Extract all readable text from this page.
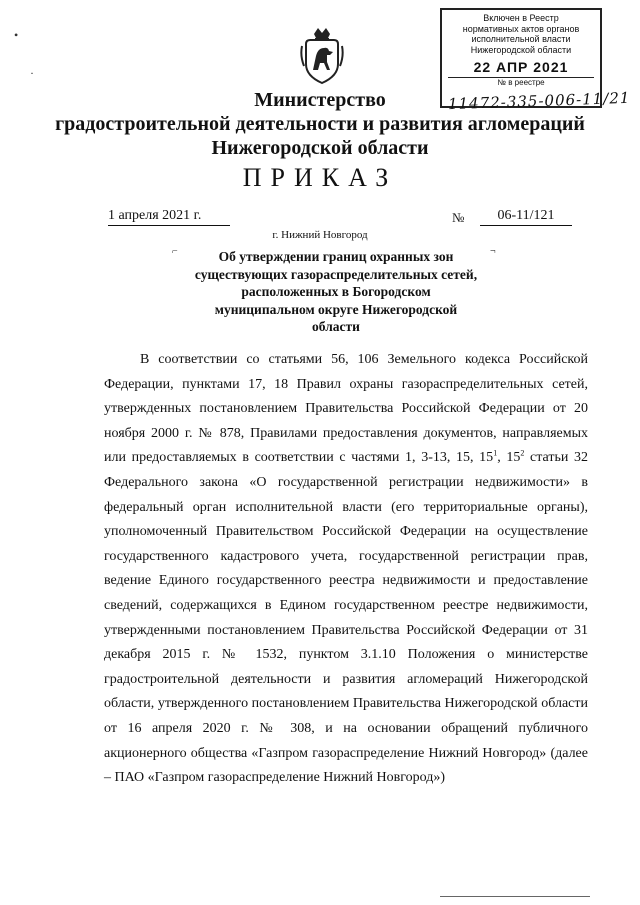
Включен в Реестр
нормативных актов органов
исполнительной власти
Нижегородской области
22 АПР 2021
№ в реестре
11472-335-006-11/21
•
·
Министерство
градостроительной деятельности и развития агломераций
Нижегородской области
ПРИКАЗ
1 апреля 2021 г.	№	06-11/121
г. Нижний Новгород
⌐	¬
Об утверждении границ охранных зон
существующих газораспределительных сетей,
расположенных в Богородском
муниципальном округе Нижегородской
области

В соответствии со статьями 56, 106 Земельного кодекса Российской Федерации, пунктами 17, 18 Правил охраны газораспределительных сетей, утвержденных постановлением Правительства Российской Федерации от 20 ноября 2000 г. № 878, Правилами предоставления документов, направляемых или предоставляемых в соответствии с частями 1, 3-13, 15, $15^1$, $15^2$ статьи 32 Федерального закона «О государственной регистрации недвижимости» в федеральный орган исполнительной власти (его территориальные органы), уполномоченный Правительством Российской Федерации на осуществление государственного кадастрового учета, государственной регистрации прав, ведение Единого государственного реестра недвижимости и предоставление сведений, содержащихся в Едином государственном реестре недвижимости, утвержденными постановлением Правительства Российской Федерации от 31 декабря 2015 г. № 1532, пунктом 3.1.10 Положения о министерстве градостроительной деятельности и развития агломераций Нижегородской области, утвержденного постановлением Правительства Нижегородской области от 16 апреля 2020 г. № 308, и на основании обращений публичного акционерного общества «Газпром газораспределение Нижний Новгород» (далее – ПАО «Газпром газораспределение Нижний Новгород»)
